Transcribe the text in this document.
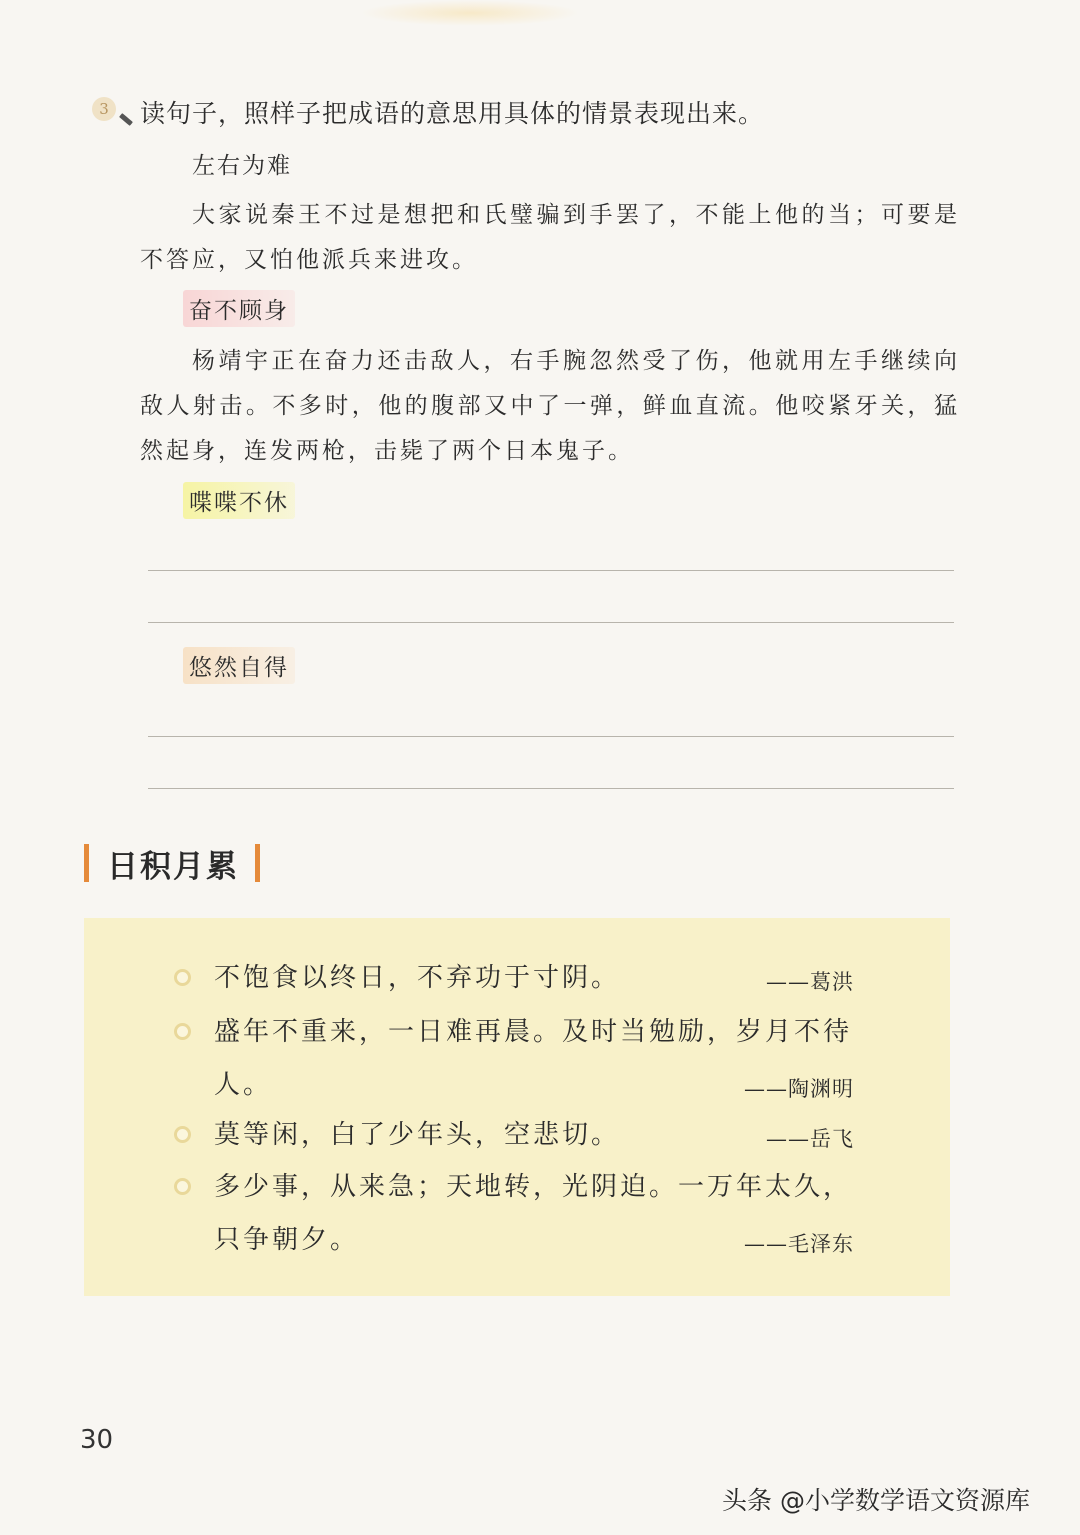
3 读句子，照样子把成语的意思用具体的情景表现出来。
左右为难
大家说秦王不过是想把和氏璧骗到手罢了，不能上他的当；可要是不答应，又怕他派兵来进攻。
奋不顾身
杨靖宇正在奋力还击敌人，右手腕忽然受了伤，他就用左手继续向敌人射击。不多时，他的腹部又中了一弹，鲜血直流。他咬紧牙关，猛然起身，连发两枪，击毙了两个日本鬼子。
喋喋不休
悠然自得
日积月累
不饱食以终日，不弃功于寸阴。	——葛洪
盛年不重来，一日难再晨。及时当勉励，岁月不待人。	——陶渊明
莫等闲，白了少年头，空悲切。	——岳飞
多少事，从来急；天地转，光阴迫。一万年太久，只争朝夕。	——毛泽东
30
头条 @小学数学语文资源库
